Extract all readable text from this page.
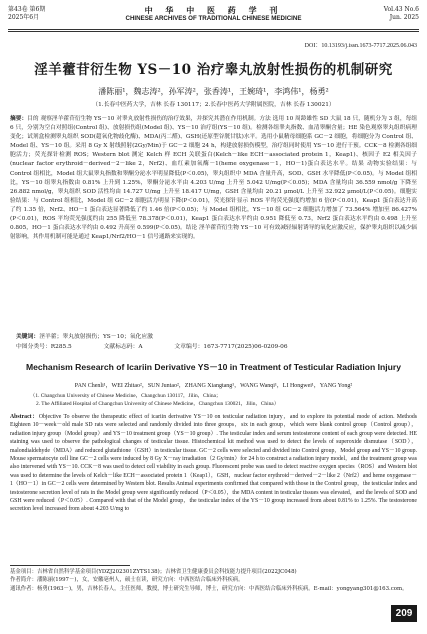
第43卷 第6期
2025年6月
中 华 中 医 药 学 刊
CHINESE ARCHIVES OF TRADITIONAL CHINESE MEDICINE
Vol.43 No.6
Jun. 2025
DOI：10.13193/j.issn.1673-7717.2025.06.043
淫羊藿苷衍生物 YS－10 治疗睾丸放射性损伤的机制研究
潘陈丽¹，魏志涛²，孙军涛²，张香涛¹，王婉琦¹，李鸿伟¹，杨勇²
（1.长春中医药大学，吉林 长春 130117；2.长春中医药大学附属医院，吉林 长春 130021）
摘要：目的 观察淫羊藿苷衍生物 YS－10 对睾丸放射性损伤的治疗效果，并探究其潜在作用机制。方法 选用 10 周龄雄性 SD 大鼠 18 只，随机分为 3 组，每组 6 只，分别为空白对照组(Control 组)、放射损伤组(Model 组)、YS－10 治疗组(YS－10 组)。检测各组睾丸指数、血清睾酮含量；HE 染色观察睾丸组织病理变化；试剂盒检测睾丸组织 SOD(超氧化物歧化酶)、MDA(丙二醛)、GSH(还原型谷胱甘肽)水平。选用小鼠精母细胞系 GC－2 细胞，将细胞分为 Control 组、Model 组、YS－10 组。采用 8 Gy X 射线照射(2Gy/Min)于 GC－2 细胞 24 h，构建放射损伤模型，治疗组同时使用 YS－10 进行干预。CCK－8 检测各组细胞活力；荧光探针检测 ROS；Western blot 测定 Kelch 样 ECH 关联蛋白(Kelch－like ECH－associated protein 1，Keap1)、核因子 E2 相关因子(nuclear factor erythroid－derived－2－like 2，Nrf2)、血红素加氧酶－1(heme oxygenase－1，HO－1)蛋白表达水平。结果 动物实验结果：与 Control 组相比，Model 组大鼠睾丸指数和睾酮分泌水平明显降低(P＜0.05)，睾丸组织中 MDA 含量升高，SOD、GSH 水平降低(P＜0.05)。与 Model 组相比，YS－10 组睾丸指数由 0.81% 上升到 1.25%，睾酮分泌水平由 4.203 U/mg 上升至 5.042 U/mg(P＜0.05)；MDA 含量均由 36.559 nmol/g 下降至 26.882 nmol/g，睾丸组织 SOD 活性均由 14.727 U/mg 上升至 18.417 U/mg，GSH 含量均由 20.21 μmol/L 上升至 32.922 μmol/L(P＜0.05)。细胞实验结果：与 Control 组相比，Model 组 GC－2 细胞活力明显下降(P＜0.01)，荧光探针显示 ROS 平均荧光强度约增加 6 倍(P＜0.01)，Keap1 蛋白表达升高了约 1.35 倍，Nrf2、HO－1 蛋白表达显著降低了约 1.46 倍(P＜0.05)；与 Model 组相比，YS－10 组 GC－2 细胞活力增加了 73.564% 增加至 86.427%(P＜0.01)，ROS 平均荧光强度约由 255 降低至 78.378(P＜0.01)，Keap1 蛋白表达水平约由 0.951 降低至 0.73，Nrf2 蛋白表达水平约由 0.498 上升至 0.805，HO－1 蛋白表达水平约由 0.492 升高至 0.599(P＜0.05)。结论 淫羊藿苷衍生物 YS－10 可有效减轻辐射诱导的氧化应激反应，保护睾丸组织以减少辐射影响，其作用机制可能是通过 Keap1/Nrf2/HO－1 信号通路来实现的。
关键词：淫羊藿；睾丸放射损伤；YS－10；氧化应激
中图分类号：R285.5	文献标志码：A	文章编号：1673-7717(2025)06-0209-06
Mechanism Research of Icariin Derivative YS－10 in Treatment of Testicular Radiation Injury
PAN Chenli¹，WEI Zhitao²，SUN Juntao²，ZHANG Xiangtang¹，WANG Wanqi¹，LI Hongwei¹，YANG Yong²
（1. Changchun University of Chinese Medicine，Changchun 130117，Jilin，China；
2. The Affiliated Hospital of Changchun University of Chinese Medicine，Changchun 130021，Jilin，China）
Abstract：Objective To observe the therapeutic effect of icariin derivative YS－10 on testicular radiation injury，and to explore its potential mode of action. Methods Eighteen 10－week－old male SD rats were selected and randomly divided into three groups，six in each group，which were blank control group（Control group），radiation injury group（Model group）and YS－10 treatment group（YS－10 group）. The testicular index and serum testosterone content of each group were detected. HE staining was used to observe the pathological changes of testicular tissue. Histochemical kit method was used to detect the levels of superoxide dismutase（SOD），malondialdehyde（MDA）and reduced glutathione（GSH）in testicular tissue. GC－2 cells were selected and divided into Control group，Model group and YS－10 group. Mouse spermatocyte cell line GC－2 cells were induced by 8 Gy X－ray irradiation（2 Gy/min）for 24 h to construct a radiation injury model，and the treatment group was also intervened with YS－10. CCK－8 was used to detect cell viability in each group. Fluorescent probe was used to detect reactive oxygen species（ROS）and Western blot was used to determine the levels of Kelch－like ECH－associated protein 1（Keap1），GSH，nuclear factor erythroid－derived－2－like 2（Nrf2）and heme oxygenase－1（HO－1）in GC－2 cells were determined by Western blot. Results Animal experiments confirmed that compared with those in the Control group，the testicular index and testosterone secretion level of rats in the Model group were significantly reduced（P＜0.05），the MDA content in testicular tissues was elevated，and the levels of SOD and GSH were reduced（P＜0.05）. Compared with that of the Model group，the testicular index of the YS－10 group increased from about 0.81% to 1.25%. The testosterone secretion level increased from about 4.203 U/mg to
基金项目：吉林省自然科学基金项目(YDZJ202301ZYTS138)；吉林省卫生健康委员会科技能力提升项目(2022JC048)
作者简介：潘陈丽(1997－)，女，安徽亳州人，硕士在读，研究方向：中西医结合临床外科疾病。
通讯作者：杨勇(1963－)，男，吉林长春人，主任医师，教授，博士研究生导师，博士，研究方向：中西医结合临床外科疾病。E-mail：yongyang301@163.com。
209
